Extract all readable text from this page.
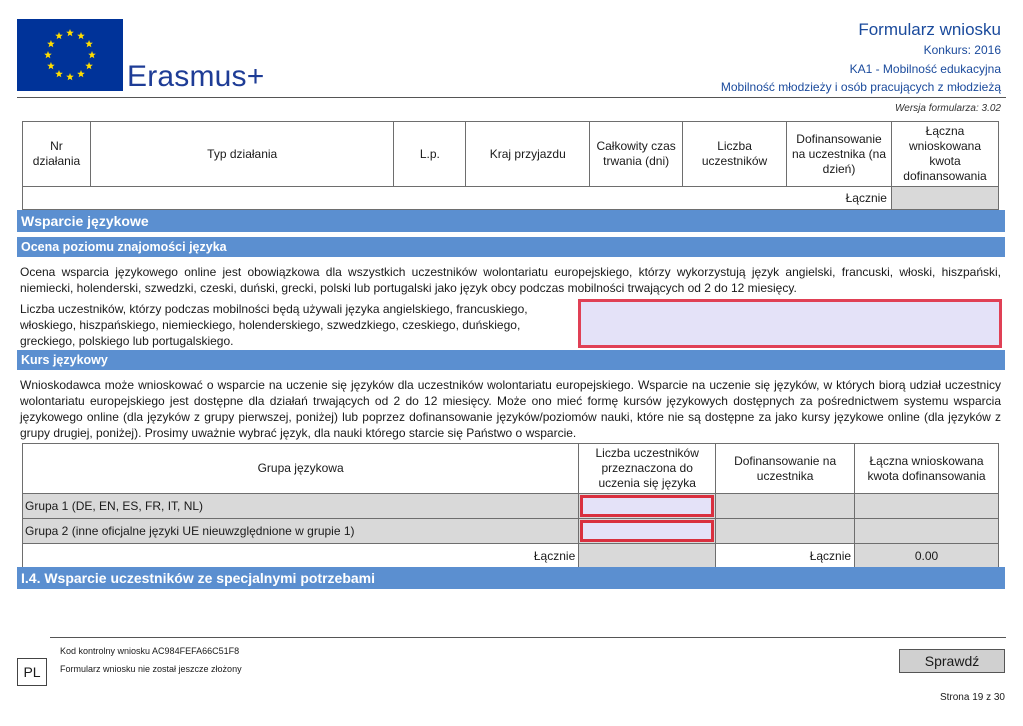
Erasmus+
Formularz wniosku
Konkurs: 2016
KA1 - Mobilność edukacyjna
Mobilność młodzieży i osób pracujących z młodzieżą
Wersja formularza: 3.02
Nr działania	Typ działania	L.p.	Kraj przyjazdu	Całkowity czas trwania (dni)	Liczba uczestników	Dofinansowanie na uczestnika (na dzień)	Łączna wnioskowana kwota dofinansowania
Łącznie							
Wsparcie językowe
Ocena poziomu znajomości języka
Ocena wsparcia językowego online jest obowiązkowa dla wszystkich uczestników wolontariatu europejskiego, którzy wykorzystują język angielski, francuski, włoski, hiszpański, niemiecki, holenderski, szwedzki, czeski, duński, grecki, polski lub portugalski jako język obcy podczas mobilności trwających od 2 do 12 miesięcy.
Liczba uczestników, którzy podczas mobilności będą używali języka angielskiego, francuskiego, włoskiego, hiszpańskiego, niemieckiego, holenderskiego, szwedzkiego, czeskiego, duńskiego, greckiego, polskiego lub portugalskiego.
Kurs językowy
Wnioskodawca może wnioskować o wsparcie na uczenie się języków dla uczestników wolontariatu europejskiego. Wsparcie na uczenie się języków, w których biorą udział uczestnicy wolontariatu europejskiego jest dostępne dla działań trwających od 2 do 12 miesięcy. Może ono mieć formę kursów językowych dostępnych za pośrednictwem systemu wsparcia językowego online (dla języków z grupy pierwszej, poniżej) lub poprzez dofinansowanie języków/poziomów nauki, które nie są dostępne za jako kursy językowe online (dla języków z grupy drugiej, poniżej). Prosimy uważnie wybrać język, dla nauki którego starcie się Państwo o wsparcie.
Grupa językowa	Liczba uczestników przeznaczona do uczenia się języka	Dofinansowanie na uczestnika	Łączna wnioskowana kwota dofinansowania
Grupa 1 (DE, EN, ES, FR, IT, NL)	

Grupa 2 (inne oficjalne języki UE nieuwzględnione w grupie 1)	

Łącznie		Łącznie	0.00
I.4. Wsparcie uczestników ze specjalnymi potrzebami
Kod kontrolny wniosku AC984FEFA66C51F8
Formularz wniosku nie został jeszcze złożony
PL
Sprawdź
Strona 19 z 30
